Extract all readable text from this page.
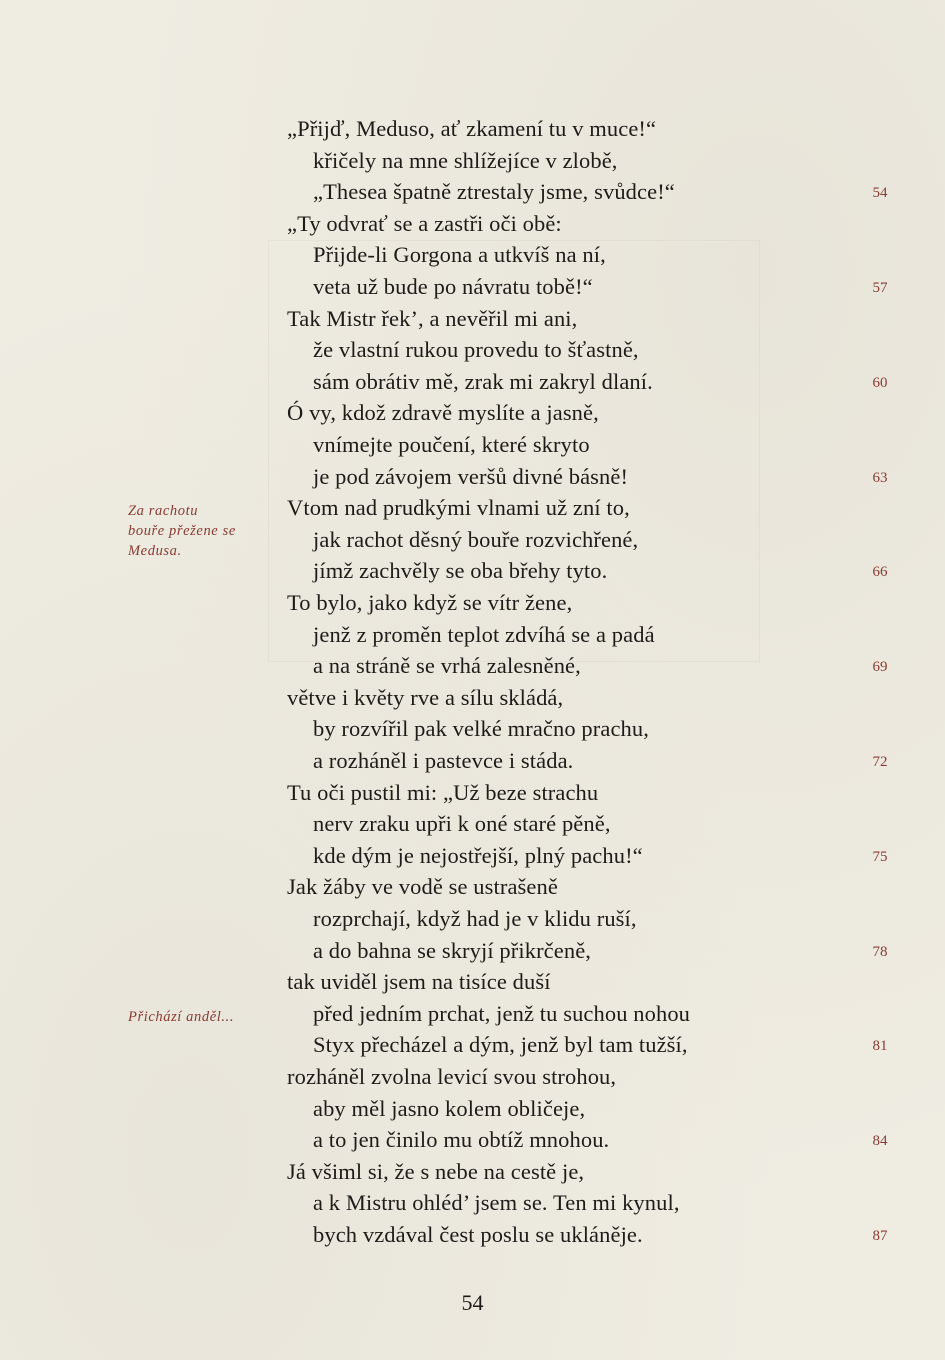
„Přijď, Meduso, ať zkamení tu v muce!“
křičely na mne shlížejíce v zlobě,
„Thesea špatně ztrestaly jsme, svůdce!“	54
„Ty odvrať se a zastři oči obě:
Přijde-li Gorgona a utkvíš na ní,
veta už bude po návratu tobě!“	57
Tak Mistr řek’, a nevěřil mi ani,
že vlastní rukou provedu to šťastně,
sám obrátiv mě, zrak mi zakryl dlaní.	60
Ó vy, kdož zdravě myslíte a jasně,
vnímejte poučení, které skryto
je pod závojem veršů divné básně!	63
Vtom nad prudkými vlnami už zní to,
jak rachot děsný bouře rozvichřené,
jímž zachvěly se oba břehy tyto.	66
To bylo, jako když se vítr žene,
jenž z proměn teplot zdvíhá se a padá
a na stráně se vrhá zalesněné,	69
větve i květy rve a sílu skládá,
by rozvířil pak velké mračno prachu,
a rozháněl i pastevce i stáda.	72
Tu oči pustil mi: „Už beze strachu
nerv zraku upři k oné staré pěně,
kde dým je nejostřejší, plný pachu!“	75
Jak žáby ve vodě se ustrašeně
rozprchají, když had je v klidu ruší,
a do bahna se skryjí přikrčeně,	78
tak uviděl jsem na tisíce duší
před jedním prchat, jenž tu suchou nohou
Styx přecházel a dým, jenž byl tam tužší,	81
rozháněl zvolna levicí svou strohou,
aby měl jasno kolem obličeje,
a to jen činilo mu obtíž mnohou.	84
Já všiml si, že s nebe na cestě je,
a k Mistru ohléd’ jsem se. Ten mi kynul,
bych vzdával čest poslu se ukláněje.	87
Za rachotu
bouře přežene se
Medusa.
Přichází anděl...
54
